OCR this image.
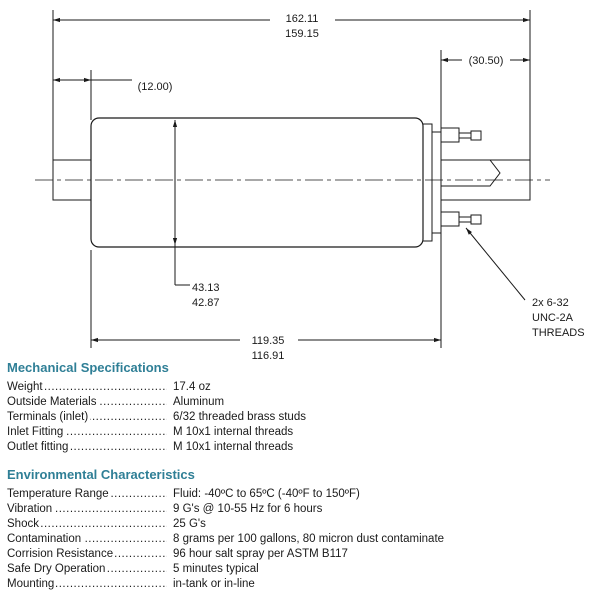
162.11
159.15
(30.50)
(12.00)
43.13
42.87
119.35
116.91
2x 6-32
UNC-2A
THREADS
Mechanical Specifications
Weight .....	17.4 oz
Outside Materials .....	Aluminum
Terminals (inlet) .....	6/32 threaded brass studs
Inlet Fitting .....	M 10x1 internal threads
Outlet fitting .....	M 10x1 internal threads
Environmental Characteristics
Temperature Range .....	Fluid: -40ºC to 65ºC (-40ºF to 150ºF)
Vibration .....	9 G's @ 10-55 Hz for 6 hours
Shock .....	25 G's
Contamination .....	8 grams per 100 gallons, 80 micron dust contaminate
Corrision Resistance .....	96 hour salt spray per ASTM B117
Safe Dry Operation .....	5 minutes typical
Mounting .....	in-tank or in-line
